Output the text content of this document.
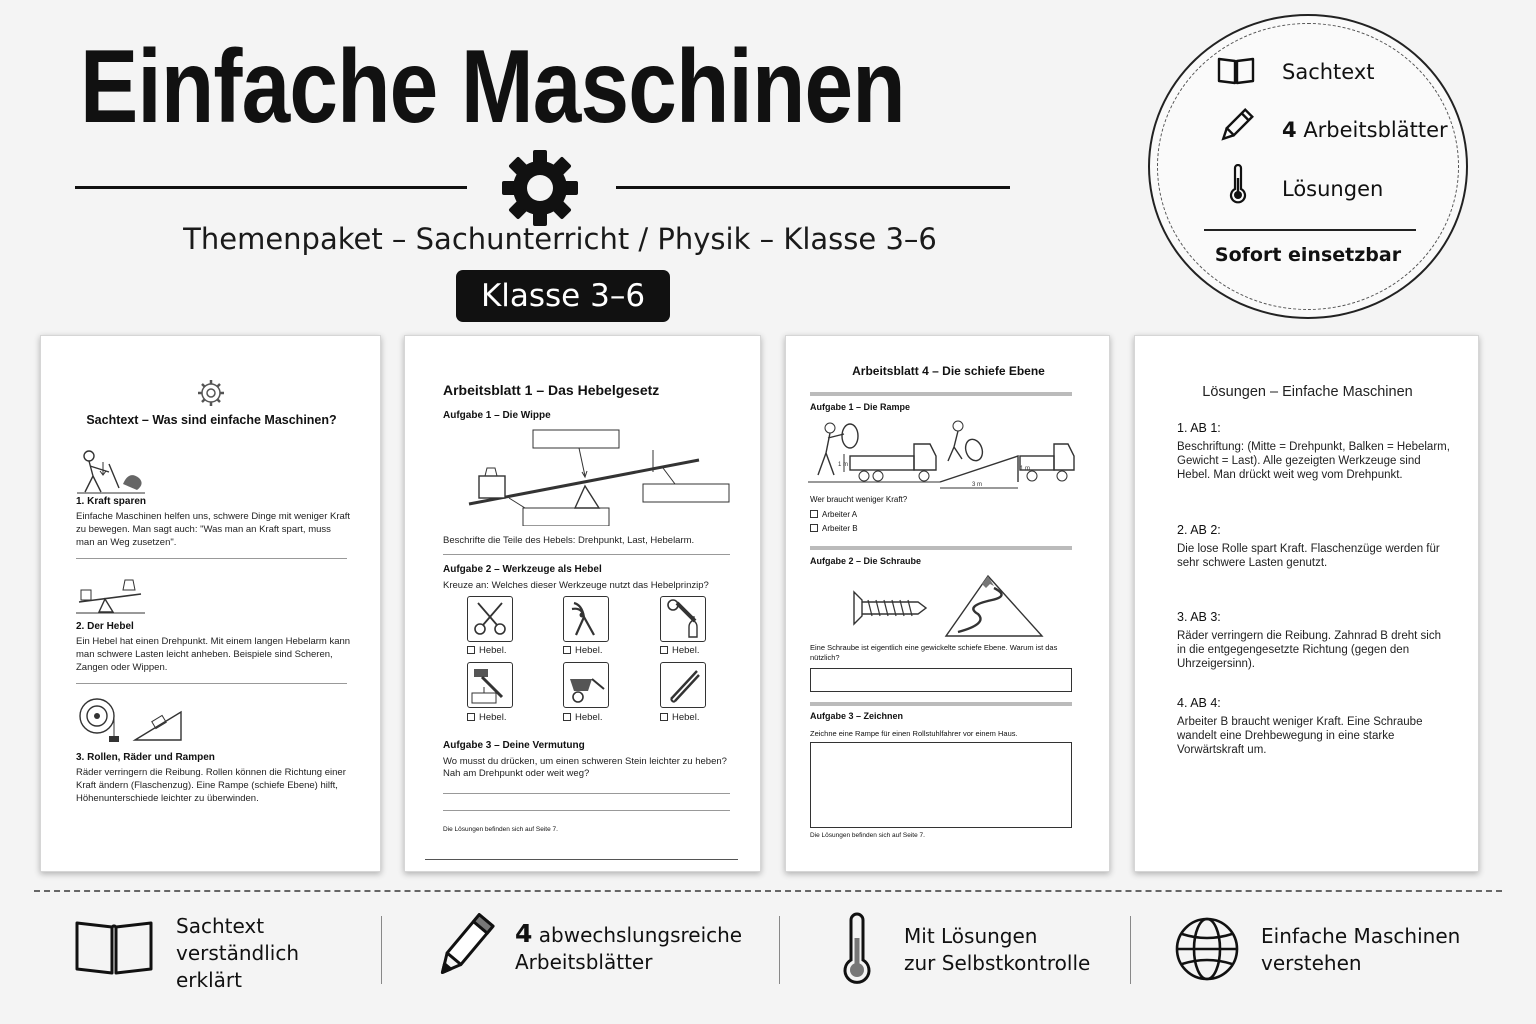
Einfache Maschinen
Themenpaket – Sachunterricht / Physik – Klasse 3–6
Klasse 3–6
Sachtext
4 Arbeitsblätter
Lösungen
Sofort einsetzbar
Sachtext – Was sind einfache Maschinen?
1. Kraft sparen
Einfache Maschinen helfen uns, schwere Dinge mit weniger Kraft zu bewegen. Man sagt auch: "Was man an Kraft spart, muss man an Weg zusetzen".
2. Der Hebel
Ein Hebel hat einen Drehpunkt. Mit einem langen Hebelarm kann man schwere Lasten leicht anheben. Beispiele sind Scheren, Zangen oder Wippen.
3. Rollen, Räder und Rampen
Räder verringern die Reibung. Rollen können die Richtung einer Kraft ändern (Flaschenzug). Eine Rampe (schiefe Ebene) hilft, Höhenunterschiede leichter zu überwinden.
Arbeitsblatt 1 – Das Hebelgesetz
Aufgabe 1 – Die Wippe
Beschrifte die Teile des Hebels: Drehpunkt, Last, Hebelarm.
Aufgabe 2 – Werkzeuge als Hebel
Kreuze an: Welches dieser Werkzeuge nutzt das Hebelprinzip?
Hebel.	Hebel.	Hebel.
Hebel.	Hebel.	Hebel.
Aufgabe 3 – Deine Vermutung
Wo musst du drücken, um einen schweren Stein leichter zu heben?
Nah am Drehpunkt oder weit weg?
Die Lösungen befinden sich auf Seite 7.
Arbeitsblatt 4 – Die schiefe Ebene
Aufgabe 1 – Die Rampe
1 m
3 m
1 m
Wer braucht weniger Kraft?
Arbeiter A
Arbeiter B
Aufgabe 2 – Die Schraube
Eine Schraube ist eigentlich eine gewickelte schiefe Ebene. Warum ist das
nützlich?
Aufgabe 3 – Zeichnen
Zeichne eine Rampe für einen Rollstuhlfahrer vor einem Haus.
Die Lösungen befinden sich auf Seite 7.
Lösungen – Einfache Maschinen
1. AB 1:
Beschriftung: (Mitte = Drehpunkt, Balken = Hebelarm, Gewicht = Last). Alle gezeigten Werkzeuge sind Hebel. Man drückt weit weg vom Drehpunkt.
2. AB 2:
Die lose Rolle spart Kraft. Flaschenzüge werden für sehr schwere Lasten genutzt.
3. AB 3:
Räder verringern die Reibung. Zahnrad B dreht sich in die entgegengesetzte Richtung (gegen den Uhrzeigersinn).
4. AB 4:
Arbeiter B braucht weniger Kraft. Eine Schraube wandelt eine Drehbewegung in eine starke Vorwärtskraft um.
Sachtext
verständlich
erklärt
4 abwechslungsreiche
Arbeitsblätter
Mit Lösungen
zur Selbstkontrolle
Einfache Maschinen
verstehen
